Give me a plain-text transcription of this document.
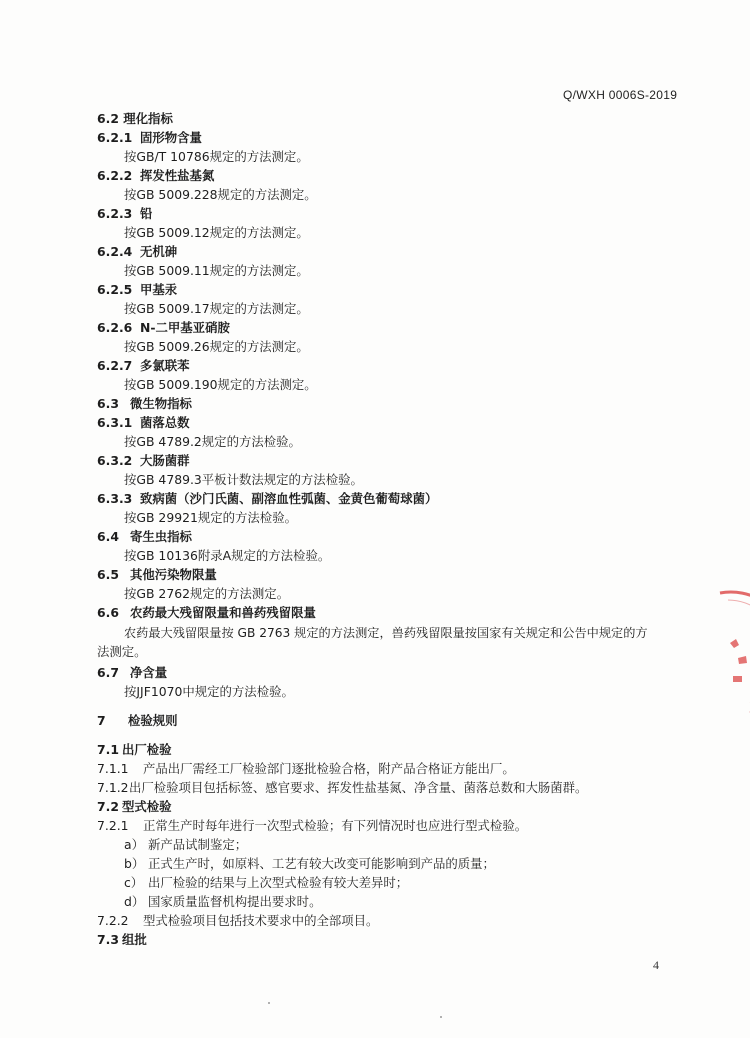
Q/WXH 0006S-2019
6.2 理化指标
6.2.1 固形物含量
按GB/T 10786规定的方法测定。
6.2.2 挥发性盐基氮
按GB 5009.228规定的方法测定。
6.2.3 铅
按GB 5009.12规定的方法测定。
6.2.4 无机砷
按GB 5009.11规定的方法测定。
6.2.5 甲基汞
按GB 5009.17规定的方法测定。
6.2.6 N-二甲基亚硝胺
按GB 5009.26规定的方法测定。
6.2.7 多氯联苯
按GB 5009.190规定的方法测定。
6.3 微生物指标
6.3.1 菌落总数
按GB 4789.2规定的方法检验。
6.3.2 大肠菌群
按GB 4789.3平板计数法规定的方法检验。
6.3.3 致病菌（沙门氏菌、副溶血性弧菌、金黄色葡萄球菌）
按GB 29921规定的方法检验。
6.4 寄生虫指标
按GB 10136附录A规定的方法检验。
6.5 其他污染物限量
按GB 2762规定的方法测定。
6.6 农药最大残留限量和兽药残留限量
农药最大残留限量按 GB 2763 规定的方法测定，兽药残留限量按国家有关规定和公告中规定的方
法测定。
6.7 净含量
按JJF1070中规定的方法检验。
7 检验规则
7.1 出厂检验
7.1.1 产品出厂需经工厂检验部门逐批检验合格，附产品合格证方能出厂。
7.1.2出厂检验项目包括标签、感官要求、挥发性盐基氮、净含量、菌落总数和大肠菌群。
7.2 型式检验
7.2.1 正常生产时每年进行一次型式检验；有下列情况时也应进行型式检验。
a） 新产品试制鉴定；
b） 正式生产时，如原料、工艺有较大改变可能影响到产品的质量；
c） 出厂检验的结果与上次型式检验有较大差异时；
d） 国家质量监督机构提出要求时。
7.2.2 型式检验项目包括技术要求中的全部项目。
7.3 组批
4
